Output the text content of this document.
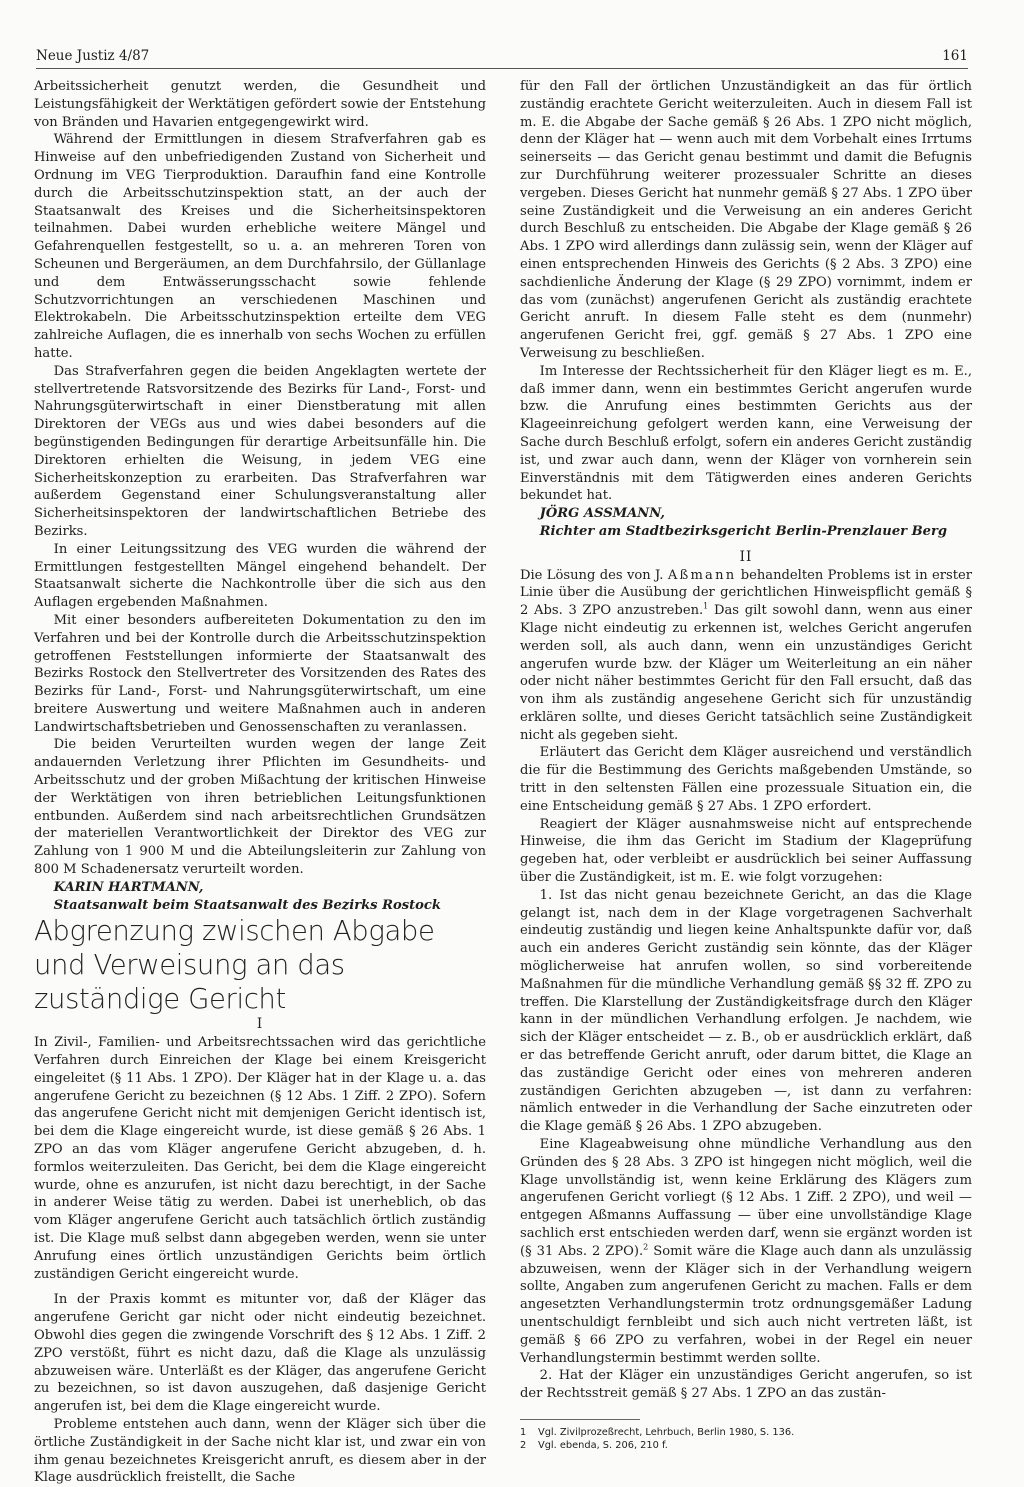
Neue Justiz 4/87	161

Arbeitssicherheit genutzt werden, die Gesundheit und Leistungsfähigkeit der Werktätigen gefördert sowie der Entstehung von Bränden und Havarien entgegengewirkt wird.

Während der Ermittlungen in diesem Strafverfahren gab es Hinweise auf den unbefriedigenden Zustand von Sicherheit und Ordnung im VEG Tierproduktion. Daraufhin fand eine Kontrolle durch die Arbeitsschutzinspektion statt, an der auch der Staatsanwalt des Kreises und die Sicherheitsinspektoren teilnahmen. Dabei wurden erhebliche weitere Mängel und Gefahrenquellen festgestellt, so u. a. an mehreren Toren von Scheunen und Bergeräumen, an dem Durchfahrsilo, der Güllanlage und dem Entwässerungsschacht sowie fehlende Schutzvorrichtungen an verschiedenen Maschinen und Elektrokabeln. Die Arbeitsschutzinspektion erteilte dem VEG zahlreiche Auflagen, die es innerhalb von sechs Wochen zu erfüllen hatte.

Das Strafverfahren gegen die beiden Angeklagten wertete der stellvertretende Ratsvorsitzende des Bezirks für Land-, Forst- und Nahrungsgüterwirtschaft in einer Dienstberatung mit allen Direktoren der VEGs aus und wies dabei besonders auf die begünstigenden Bedingungen für derartige Arbeitsunfälle hin. Die Direktoren erhielten die Weisung, in jedem VEG eine Sicherheitskonzeption zu erarbeiten. Das Strafverfahren war außerdem Gegenstand einer Schulungsveranstaltung aller Sicherheitsinspektoren der landwirtschaftlichen Betriebe des Bezirks.

In einer Leitungssitzung des VEG wurden die während der Ermittlungen festgestellten Mängel eingehend behandelt. Der Staatsanwalt sicherte die Nachkontrolle über die sich aus den Auflagen ergebenden Maßnahmen.

Mit einer besonders aufbereiteten Dokumentation zu den im Verfahren und bei der Kontrolle durch die Arbeitsschutzinspektion getroffenen Feststellungen informierte der Staatsanwalt des Bezirks Rostock den Stellvertreter des Vorsitzenden des Rates des Bezirks für Land-, Forst- und Nahrungsgüterwirtschaft, um eine breitere Auswertung und weitere Maßnahmen auch in anderen Landwirtschaftsbetrieben und Genossenschaften zu veranlassen.

Die beiden Verurteilten wurden wegen der lange Zeit andauernden Verletzung ihrer Pflichten im Gesundheits- und Arbeitsschutz und der groben Mißachtung der kritischen Hinweise der Werktätigen von ihren betrieblichen Leitungsfunktionen entbunden. Außerdem sind nach arbeitsrechtlichen Grundsätzen der materiellen Verantwortlichkeit der Direktor des VEG zur Zahlung von 1 900 M und die Abteilungsleiterin zur Zahlung von 800 M Schadenersatz verurteilt worden.

KARIN HARTMANN,

Staatsanwalt beim Staatsanwalt des Bezirks Rostock

Abgrenzung zwischen Abgabe und Verweisung an das zuständige Gericht

I

In Zivil-, Familien- und Arbeitsrechtssachen wird das gerichtliche Verfahren durch Einreichen der Klage bei einem Kreisgericht eingeleitet (§ 11 Abs. 1 ZPO). Der Kläger hat in der Klage u. a. das angerufene Gericht zu bezeichnen (§ 12 Abs. 1 Ziff. 2 ZPO). Sofern das angerufene Gericht nicht mit demjenigen Gericht identisch ist, bei dem die Klage eingereicht wurde, ist diese gemäß § 26 Abs. 1 ZPO an das vom Kläger angerufene Gericht abzugeben, d. h. formlos weiterzuleiten. Das Gericht, bei dem die Klage eingereicht wurde, ohne es anzurufen, ist nicht dazu berechtigt, in der Sache in anderer Weise tätig zu werden. Dabei ist unerheblich, ob das vom Kläger angerufene Gericht auch tatsächlich örtlich zuständig ist. Die Klage muß selbst dann abgegeben werden, wenn sie unter Anrufung eines örtlich unzuständigen Gerichts beim örtlich zuständigen Gericht eingereicht wurde.

In der Praxis kommt es mitunter vor, daß der Kläger das angerufene Gericht gar nicht oder nicht eindeutig bezeichnet. Obwohl dies gegen die zwingende Vorschrift des § 12 Abs. 1 Ziff. 2 ZPO verstößt, führt es nicht dazu, daß die Klage als unzulässig abzuweisen wäre. Unterläßt es der Kläger, das angerufene Gericht zu bezeichnen, so ist davon auszugehen, daß dasjenige Gericht angerufen ist, bei dem die Klage eingereicht wurde.

Probleme entstehen auch dann, wenn der Kläger sich über die örtliche Zuständigkeit in der Sache nicht klar ist, und zwar ein von ihm genau bezeichnetes Kreisgericht anruft, es diesem aber in der Klage ausdrücklich freistellt, die Sache

für den Fall der örtlichen Unzuständigkeit an das für örtlich zuständig erachtete Gericht weiterzuleiten. Auch in diesem Fall ist m. E. die Abgabe der Sache gemäß § 26 Abs. 1 ZPO nicht möglich, denn der Kläger hat — wenn auch mit dem Vorbehalt eines Irrtums seinerseits — das Gericht genau bestimmt und damit die Befugnis zur Durchführung weiterer prozessualer Schritte an dieses vergeben. Dieses Gericht hat nunmehr gemäß § 27 Abs. 1 ZPO über seine Zuständigkeit und die Verweisung an ein anderes Gericht durch Beschluß zu entscheiden. Die Abgabe der Klage gemäß § 26 Abs. 1 ZPO wird allerdings dann zulässig sein, wenn der Kläger auf einen entsprechenden Hinweis des Gerichts (§ 2 Abs. 3 ZPO) eine sachdienliche Änderung der Klage (§ 29 ZPO) vornimmt, indem er das vom (zunächst) angerufenen Gericht als zuständig erachtete Gericht anruft. In diesem Falle steht es dem (nunmehr) angerufenen Gericht frei, ggf. gemäß § 27 Abs. 1 ZPO eine Verweisung zu beschließen.

Im Interesse der Rechtssicherheit für den Kläger liegt es m. E., daß immer dann, wenn ein bestimmtes Gericht angerufen wurde bzw. die Anrufung eines bestimmten Gerichts aus der Klageeinreichung gefolgert werden kann, eine Verweisung der Sache durch Beschluß erfolgt, sofern ein anderes Gericht zuständig ist, und zwar auch dann, wenn der Kläger von vornherein sein Einverständnis mit dem Tätigwerden eines anderen Gerichts bekundet hat.

JÖRG ASSMANN,

Richter am Stadtbezirksgericht Berlin-Prenzlauer Berg

II

Die Lösung des von J. Aßmann behandelten Problems ist in erster Linie über die Ausübung der gerichtlichen Hinweispflicht gemäß § 2 Abs. 3 ZPO anzustreben.$^1$ Das gilt sowohl dann, wenn aus einer Klage nicht eindeutig zu erkennen ist, welches Gericht angerufen werden soll, als auch dann, wenn ein unzuständiges Gericht angerufen wurde bzw. der Kläger um Weiterleitung an ein näher oder nicht näher bestimmtes Gericht für den Fall ersucht, daß das von ihm als zuständig angesehene Gericht sich für unzuständig erklären sollte, und dieses Gericht tatsächlich seine Zuständigkeit nicht als gegeben sieht.

Erläutert das Gericht dem Kläger ausreichend und verständlich die für die Bestimmung des Gerichts maßgebenden Umstände, so tritt in den seltensten Fällen eine prozessuale Situation ein, die eine Entscheidung gemäß § 27 Abs. 1 ZPO erfordert.

Reagiert der Kläger ausnahmsweise nicht auf entsprechende Hinweise, die ihm das Gericht im Stadium der Klageprüfung gegeben hat, oder verbleibt er ausdrücklich bei seiner Auffassung über die Zuständigkeit, ist m. E. wie folgt vorzugehen:

1. Ist das nicht genau bezeichnete Gericht, an das die Klage gelangt ist, nach dem in der Klage vorgetragenen Sachverhalt eindeutig zuständig und liegen keine Anhaltspunkte dafür vor, daß auch ein anderes Gericht zuständig sein könnte, das der Kläger möglicherweise hat anrufen wollen, so sind vorbereitende Maßnahmen für die mündliche Verhandlung gemäß §§ 32 ff. ZPO zu treffen. Die Klarstellung der Zuständigkeitsfrage durch den Kläger kann in der mündlichen Verhandlung erfolgen. Je nachdem, wie sich der Kläger entscheidet — z. B., ob er ausdrücklich erklärt, daß er das betreffende Gericht anruft, oder darum bittet, die Klage an das zuständige Gericht oder eines von mehreren anderen zuständigen Gerichten abzugeben —, ist dann zu verfahren: nämlich entweder in die Verhandlung der Sache einzutreten oder die Klage gemäß § 26 Abs. 1 ZPO abzugeben.

Eine Klageabweisung ohne mündliche Verhandlung aus den Gründen des § 28 Abs. 3 ZPO ist hingegen nicht möglich, weil die Klage unvollständig ist, wenn keine Erklärung des Klägers zum angerufenen Gericht vorliegt (§ 12 Abs. 1 Ziff. 2 ZPO), und weil — entgegen Aßmanns Auffassung — über eine unvollständige Klage sachlich erst entschieden werden darf, wenn sie ergänzt worden ist (§ 31 Abs. 2 ZPO).$^2$ Somit wäre die Klage auch dann als unzulässig abzuweisen, wenn der Kläger sich in der Verhandlung weigern sollte, Angaben zum angerufenen Gericht zu machen. Falls er dem angesetzten Verhandlungstermin trotz ordnungsgemäßer Ladung unentschuldigt fernbleibt und sich auch nicht vertreten läßt, ist gemäß § 66 ZPO zu verfahren, wobei in der Regel ein neuer Verhandlungstermin bestimmt werden sollte.

2. Hat der Kläger ein unzuständiges Gericht angerufen, so ist der Rechtsstreit gemäß § 27 Abs. 1 ZPO an das zustän-

1 Vgl. Zivilprozeßrecht, Lehrbuch, Berlin 1980, S. 136.
2 Vgl. ebenda, S. 206, 210 f.
